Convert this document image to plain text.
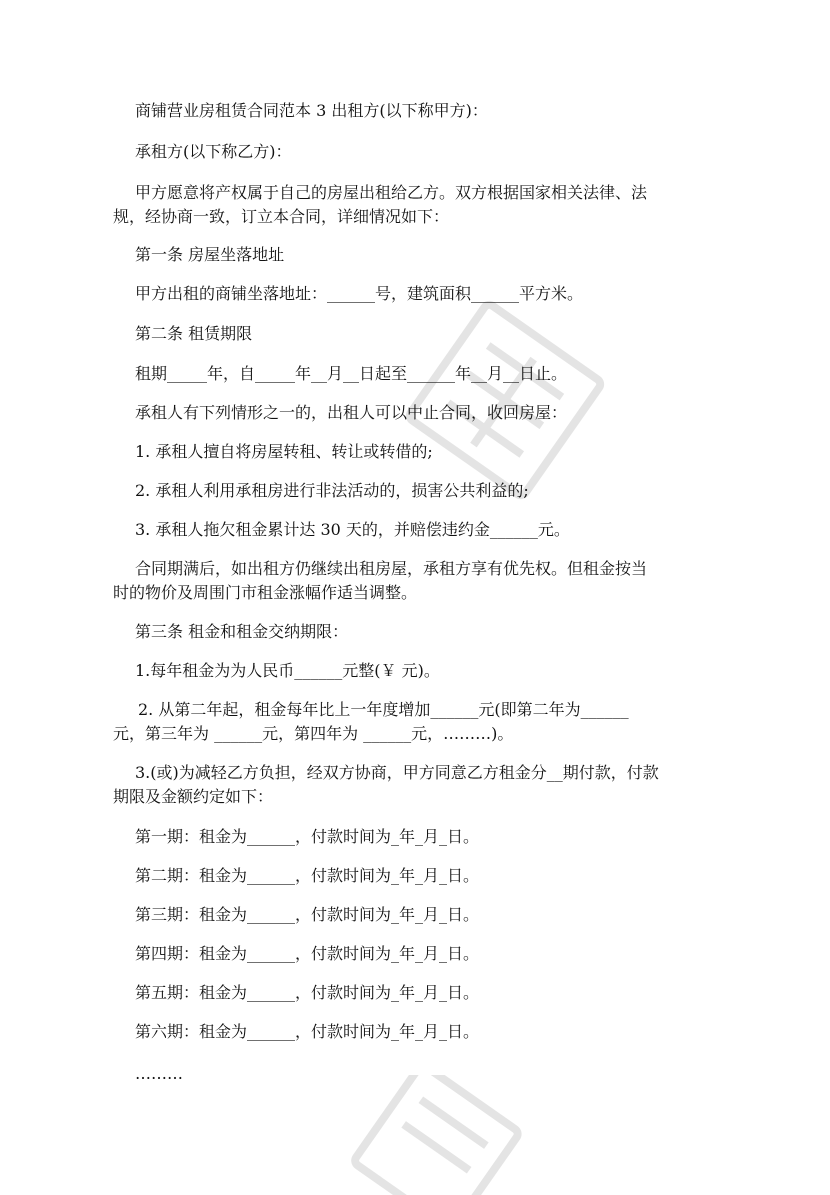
商铺营业房租赁合同范本 3 出租方(以下称甲方)：
承租方(以下称乙方)：
甲方愿意将产权属于自己的房屋出租给乙方。双方根据国家相关法律、法
规，经协商一致，订立本合同，详细情况如下：
第一条 房屋坐落地址
甲方出租的商铺坐落地址：______号，建筑面积______平方米。
第二条 租赁期限
租期_____年，自_____年__月__日起至______年__月__日止。
承租人有下列情形之一的，出租人可以中止合同，收回房屋：
1. 承租人擅自将房屋转租、转让或转借的;
2. 承租人利用承租房进行非法活动的，损害公共利益的;
3. 承租人拖欠租金累计达 30 天的，并赔偿违约金______元。
合同期满后，如出租方仍继续出租房屋，承租方享有优先权。但租金按当
时的物价及周围门市租金涨幅作适当调整。
第三条 租金和租金交纳期限：
1.每年租金为为人民币______元整(￥ 元)。
2. 从第二年起，租金每年比上一年度增加______元(即第二年为______
元，第三年为 ______元，第四年为 ______元，………)。
3.(或)为减轻乙方负担，经双方协商，甲方同意乙方租金分__期付款，付款
期限及金额约定如下：
第一期：租金为______，付款时间为_年_月_日。
第二期：租金为______，付款时间为_年_月_日。
第三期：租金为______，付款时间为_年_月_日。
第四期：租金为______，付款时间为_年_月_日。
第五期：租金为______，付款时间为_年_月_日。
第六期：租金为______，付款时间为_年_月_日。
………
